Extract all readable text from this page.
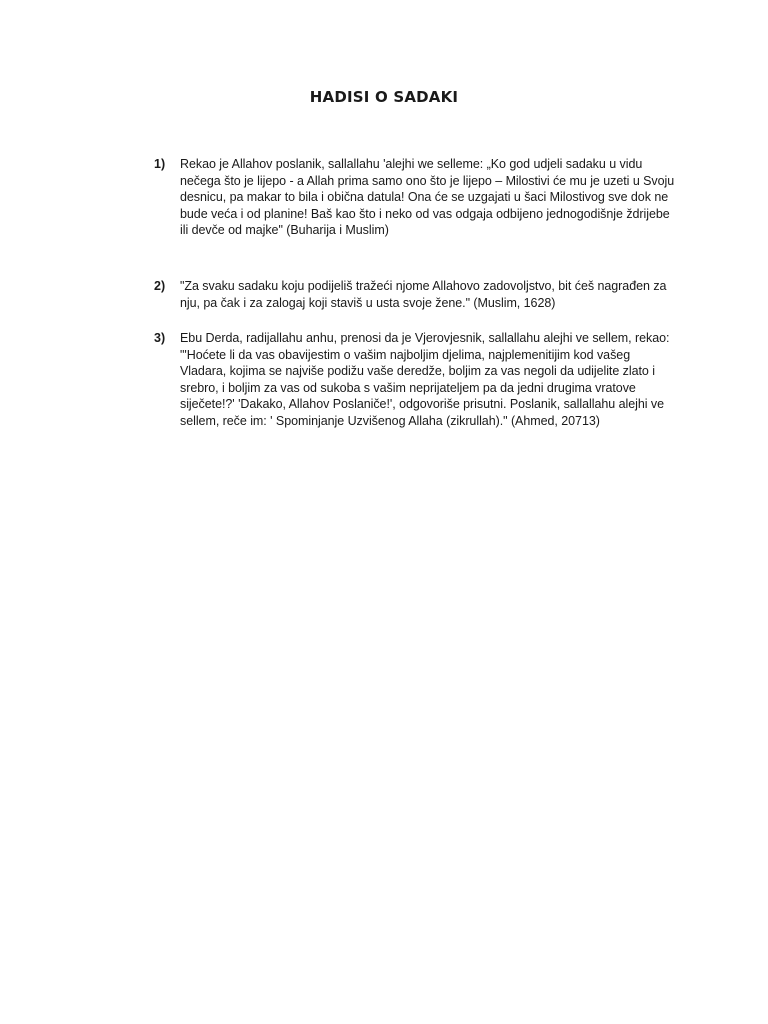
HADISI O SADAKI
1)	Rekao je Allahov poslanik, sallallahu 'alejhi we selleme: „Ko god udjeli sadaku u vidu nečega što je lijepo - a Allah prima samo ono što je lijepo – Milostivi će mu je uzeti u Svoju desnicu, pa makar to bila i obična datula! Ona će se uzgajati u šaci Milostivog sve dok ne bude veća i od planine! Baš kao što i neko od vas odgaja odbijeno jednogodišnje ždrijebe ili devče od majke" (Buharija i Muslim)

2)	"Za svaku sadaku koju podijeliš tražeći njome Allahovo zadovoljstvo, bit ćeš nagrađen za nju, pa čak i za zalogaj koji staviš u usta svoje žene." (Muslim, 1628)

3)	Ebu Derda, radijallahu anhu, prenosi da je Vjerovjesnik, sallallahu alejhi ve sellem, rekao: "'Hoćete li da vas obavijestim o vašim najboljim djelima, najplemenitijim kod vašeg Vladara, kojima se najviše podižu vaše deredže, boljim za vas negoli da udijelite zlato i srebro, i boljim za vas od sukoba s vašim neprijateljem pa da jedni drugima vratove siječete!?' 'Dakako, Allahov Poslaniče!', odgovoriše prisutni. Poslanik, sallallahu alejhi ve sellem, reče im: ' Spominjanje Uzvišenog Allaha (zikrullah)." (Ahmed, 20713)
